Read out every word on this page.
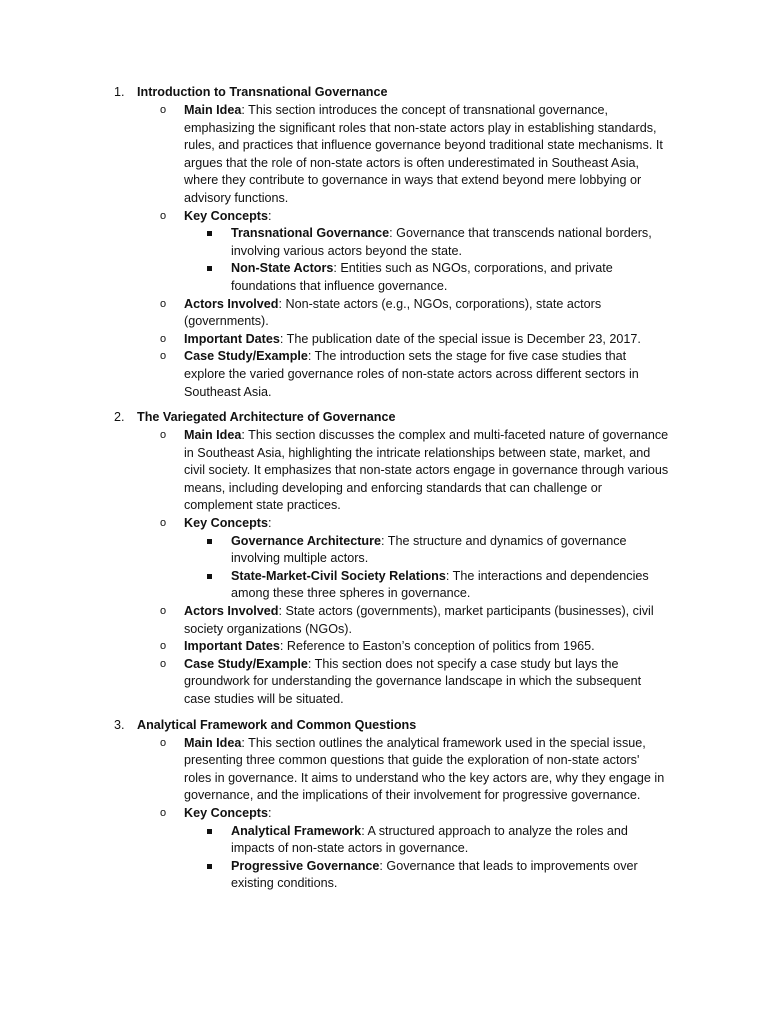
1. Introduction to Transnational Governance
o Main Idea: This section introduces the concept of transnational governance, emphasizing the significant roles that non-state actors play in establishing standards, rules, and practices that influence governance beyond traditional state mechanisms. It argues that the role of non-state actors is often underestimated in Southeast Asia, where they contribute to governance in ways that extend beyond mere lobbying or advisory functions.
o Key Concepts:
Transnational Governance: Governance that transcends national borders, involving various actors beyond the state.
Non-State Actors: Entities such as NGOs, corporations, and private foundations that influence governance.
o Actors Involved: Non-state actors (e.g., NGOs, corporations), state actors (governments).
o Important Dates: The publication date of the special issue is December 23, 2017.
o Case Study/Example: The introduction sets the stage for five case studies that explore the varied governance roles of non-state actors across different sectors in Southeast Asia.
2. The Variegated Architecture of Governance
o Main Idea: This section discusses the complex and multi-faceted nature of governance in Southeast Asia, highlighting the intricate relationships between state, market, and civil society. It emphasizes that non-state actors engage in governance through various means, including developing and enforcing standards that can challenge or complement state practices.
o Key Concepts:
Governance Architecture: The structure and dynamics of governance involving multiple actors.
State-Market-Civil Society Relations: The interactions and dependencies among these three spheres in governance.
o Actors Involved: State actors (governments), market participants (businesses), civil society organizations (NGOs).
o Important Dates: Reference to Easton’s conception of politics from 1965.
o Case Study/Example: This section does not specify a case study but lays the groundwork for understanding the governance landscape in which the subsequent case studies will be situated.
3. Analytical Framework and Common Questions
o Main Idea: This section outlines the analytical framework used in the special issue, presenting three common questions that guide the exploration of non-state actors' roles in governance. It aims to understand who the key actors are, why they engage in governance, and the implications of their involvement for progressive governance.
o Key Concepts:
Analytical Framework: A structured approach to analyze the roles and impacts of non-state actors in governance.
Progressive Governance: Governance that leads to improvements over existing conditions.
